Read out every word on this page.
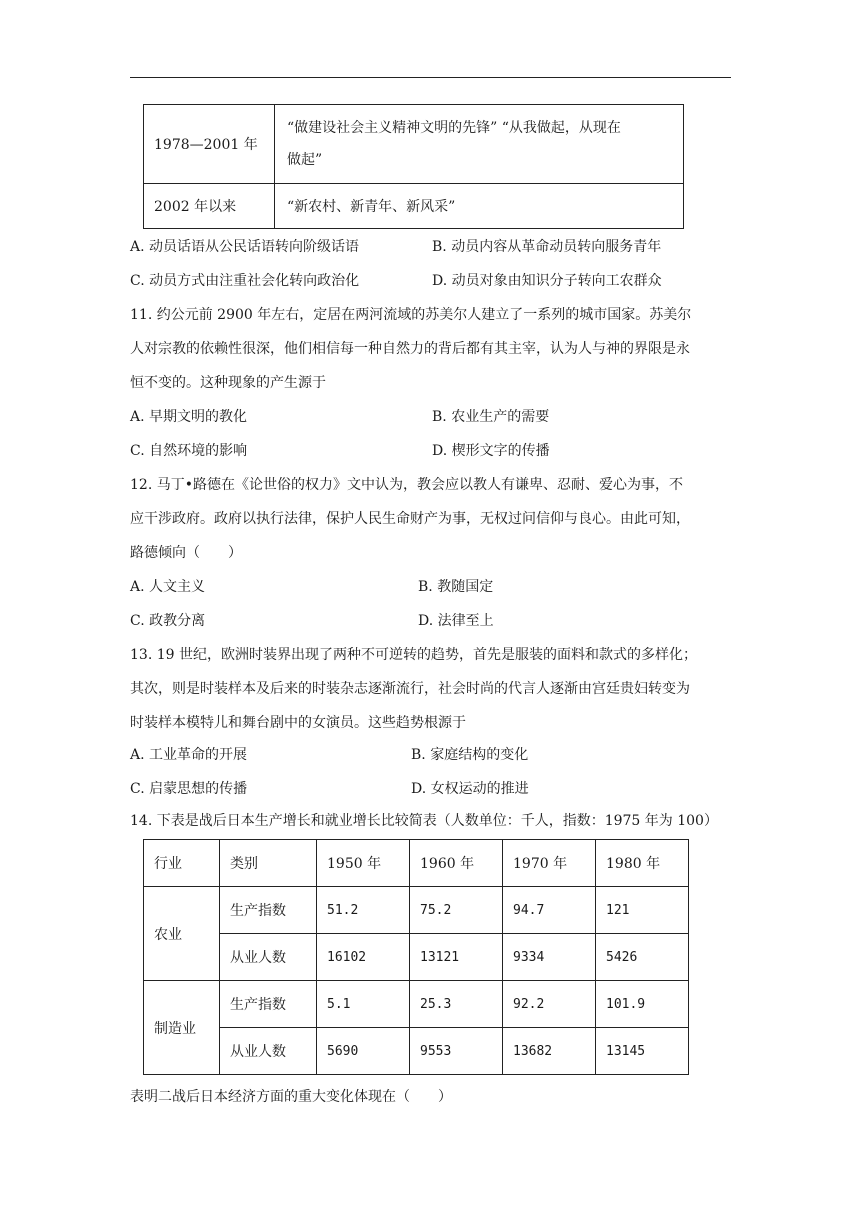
1978—2001 年	“做建设社会主义精神文明的先锋” “从我做起，从现在
做起”
2002 年以来	“新农村、新青年、新风采”
A. 动员话语从公民话语转向阶级话语	B. 动员内容从革命动员转向服务青年
C. 动员方式由注重社会化转向政治化	D. 动员对象由知识分子转向工农群众
11. 约公元前 2900 年左右，定居在两河流域的苏美尔人建立了一系列的城市国家。苏美尔
人对宗教的依赖性很深，他们相信每一种自然力的背后都有其主宰，认为人与神的界限是永
恒不变的。这种现象的产生源于
A. 早期文明的教化	B. 农业生产的需要
C. 自然环境的影响	D. 楔形文字的传播
12. 马丁•路德在《论世俗的权力》文中认为，教会应以教人有谦卑、忍耐、爱心为事，不
应干涉政府。政府以执行法律，保护人民生命财产为事，无权过问信仰与良心。由此可知，
路德倾向（　　）
A. 人文主义	B. 教随国定
C. 政教分离	D. 法律至上
13. 19 世纪，欧洲时装界出现了两种不可逆转的趋势，首先是服装的面料和款式的多样化；
其次，则是时装样本及后来的时装杂志逐渐流行，社会时尚的代言人逐渐由宫廷贵妇转变为
时装样本模特儿和舞台剧中的女演员。这些趋势根源于
A. 工业革命的开展	B. 家庭结构的变化
C. 启蒙思想的传播	D. 女权运动的推进
14. 下表是战后日本生产增长和就业增长比较简表（人数单位：千人，指数：1975 年为 100）
行业	类别	1950 年	1960 年	1970 年	1980 年
农业	生产指数	51.2	75.2	94.7	121
	从业人数	16102	13121	9334	5426
制造业	生产指数	5.1	25.3	92.2	101.9
	从业人数	5690	9553	13682	13145
表明二战后日本经济方面的重大变化体现在（　　）
